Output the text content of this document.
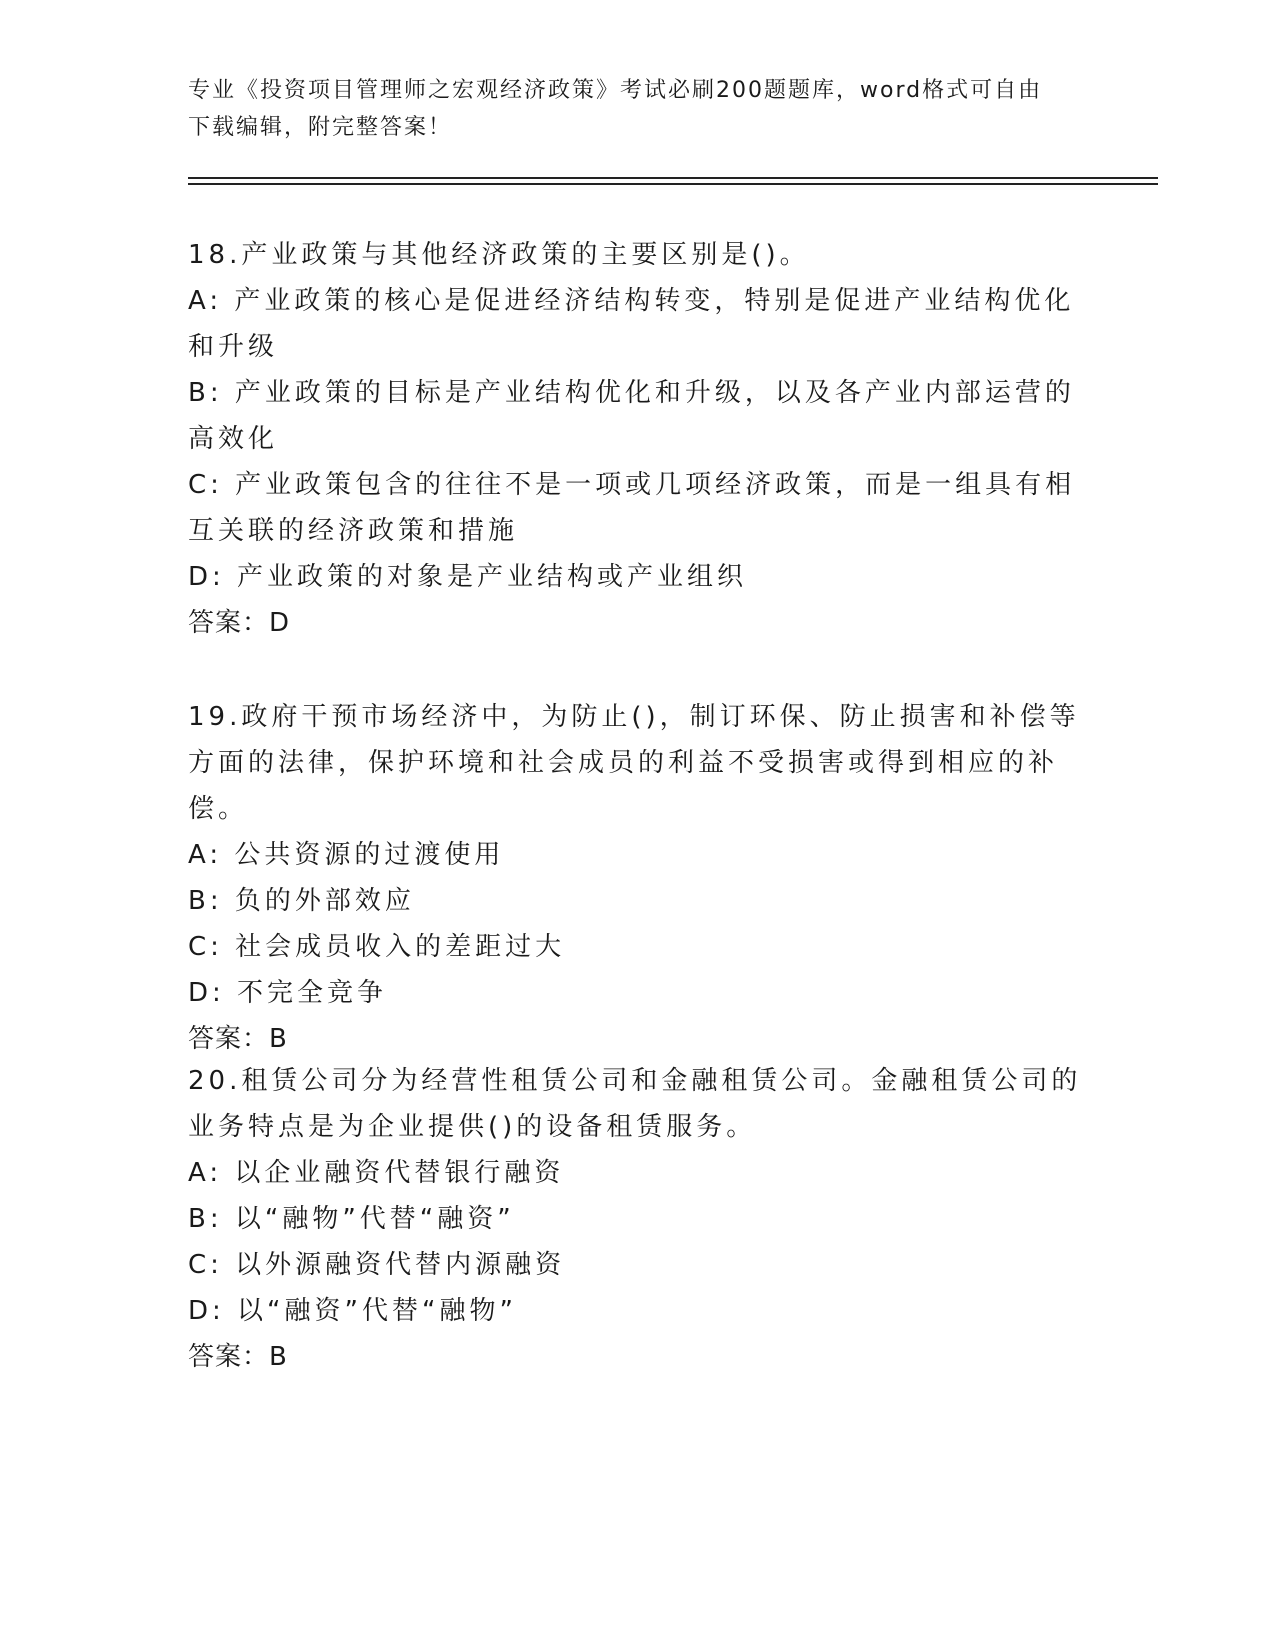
专业《投资项目管理师之宏观经济政策》考试必刷200题题库，word格式可自由
下载编辑，附完整答案！
18.产业政策与其他经济政策的主要区别是()。
A: 产业政策的核心是促进经济结构转变，特别是促进产业结构优化和升级
B: 产业政策的目标是产业结构优化和升级，以及各产业内部运营的高效化
C: 产业政策包含的往往不是一项或几项经济政策，而是一组具有相互关联的经济政策和措施
D: 产业政策的对象是产业结构或产业组织
答案：D
19.政府干预市场经济中，为防止()，制订环保、防止损害和补偿等方面的法律，保护环境和社会成员的利益不受损害或得到相应的补偿。
A: 公共资源的过渡使用
B: 负的外部效应
C: 社会成员收入的差距过大
D: 不完全竞争
答案：B
20.租赁公司分为经营性租赁公司和金融租赁公司。金融租赁公司的业务特点是为企业提供()的设备租赁服务。
A: 以企业融资代替银行融资
B: 以“融物”代替“融资”
C: 以外源融资代替内源融资
D: 以“融资”代替“融物”
答案：B
